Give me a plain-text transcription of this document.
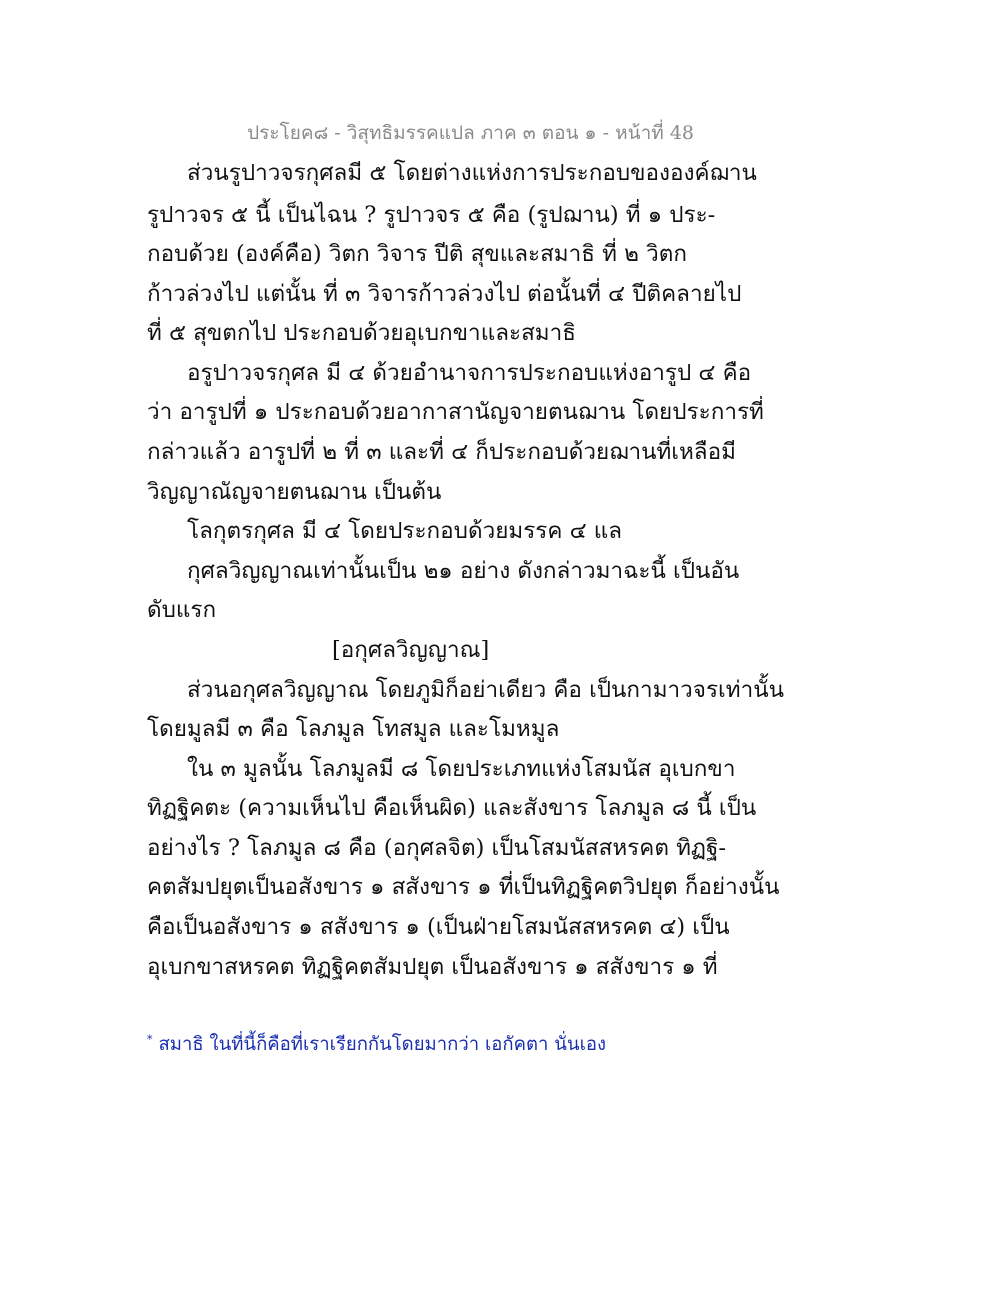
ประโยค๘ - วิสุทธิมรรคแปล ภาค ๓ ตอน ๑ - หน้าที่ 48
ส่วนรูปาวจรกุศลมี ๕ โดยต่างแห่งการประกอบขององค์ฌาน
รูปาวจร ๕ นี้ เป็นไฉน ? รูปาวจร ๕ คือ (รูปฌาน) ที่ ๑ ประ-
กอบด้วย (องค์คือ) วิตก วิจาร ปีติ สุขและสมาธิ ที่ ๒ วิตก
ก้าวล่วงไป แต่นั้น ที่ ๓ วิจารก้าวล่วงไป ต่อนั้นที่ ๔ ปีติคลายไป
ที่ ๕ สุขตกไป ประกอบด้วยอุเบกขาและสมาธิ
อรูปาวจรกุศล มี ๔ ด้วยอำนาจการประกอบแห่งอารูป ๔ คือ
ว่า อารูปที่ ๑ ประกอบด้วยอากาสานัญจายตนฌาน โดยประการที่
กล่าวแล้ว อารูปที่ ๒ ที่ ๓ และที่ ๔ ก็ประกอบด้วยฌานที่เหลือมี
วิญญาณัญจายตนฌาน เป็นต้น
โลกุตรกุศล มี ๔ โดยประกอบด้วยมรรค ๔ แล
กุศลวิญญาณเท่านั้นเป็น ๒๑ อย่าง ดังกล่าวมาฉะนี้ เป็นอัน
ดับแรก
[อกุศลวิญญาณ]
ส่วนอกุศลวิญญาณ โดยภูมิก็อย่าเดียว คือ เป็นกามาวจรเท่านั้น
โดยมูลมี ๓ คือ โลภมูล โทสมูล และโมหมูล
ใน ๓ มูลนั้น โลภมูลมี ๘ โดยประเภทแห่งโสมนัส อุเบกขา
ทิฏฐิคตะ (ความเห็นไป คือเห็นผิด) และสังขาร โลภมูล ๘ นี้ เป็น
อย่างไร ? โลภมูล ๘ คือ (อกุศลจิต) เป็นโสมนัสสหรคต ทิฏฐิ-
คตสัมปยุตเป็นอสังขาร ๑ สสังขาร ๑ ที่เป็นทิฏฐิคตวิปยุต ก็อย่างนั้น
คือเป็นอสังขาร ๑ สสังขาร ๑ (เป็นฝ่ายโสมนัสสหรคต ๔) เป็น
อุเบกขาสหรคต ทิฏฐิคตสัมปยุต เป็นอสังขาร ๑ สสังขาร ๑ ที่
* สมาธิ ในที่นี้ก็คือที่เราเรียกกันโดยมากว่า เอกัคตา นั่นเอง
